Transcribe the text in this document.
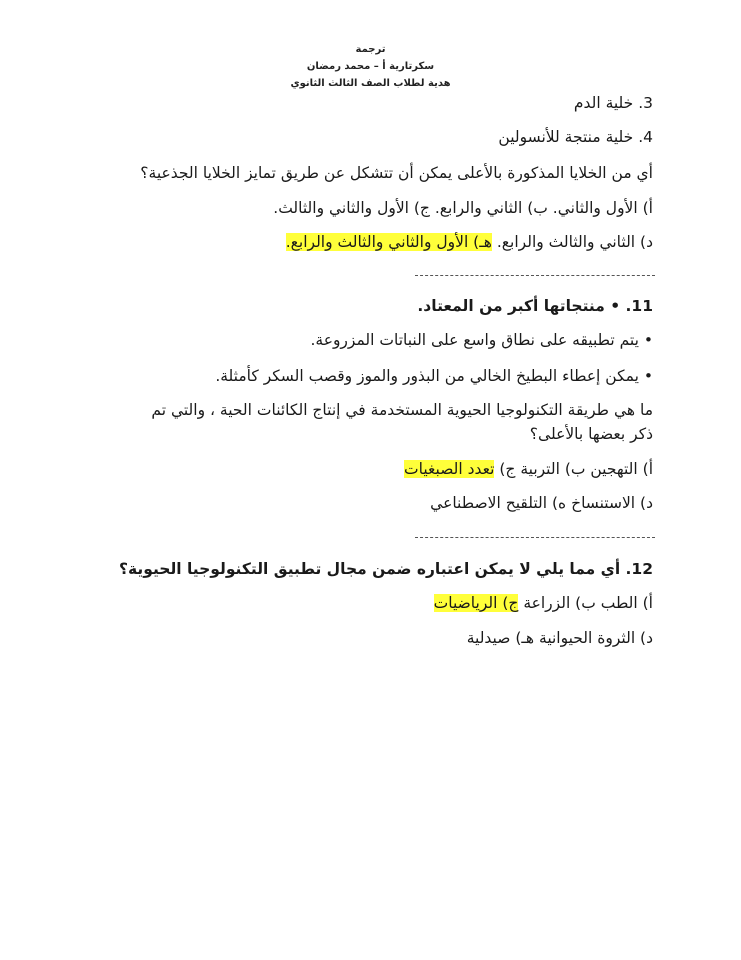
ترجمة
سكرتارية أ – محمد رمضان
هدية لطلاب الصف الثالث الثانوي
3. خلية الدم
4. خلية منتجة للأنسولين
أي من الخلايا المذكورة بالأعلى يمكن أن تتشكل عن طريق تمايز الخلايا الجذعية؟
أ) الأول والثاني. ب) الثاني والرابع. ج) الأول والثاني والثالث.
د) الثاني والثالث والرابع. هـ) الأول والثاني والثالث والرابع.
11. • منتجاتها أكبر من المعتاد.
• يتم تطبيقه على نطاق واسع على النباتات المزروعة.
• يمكن إعطاء البطيخ الخالي من البذور والموز وقصب السكر كأمثلة.
ما هي طريقة التكنولوجيا الحيوية المستخدمة في إنتاج الكائنات الحية ، والتي تم
ذكر بعضها بالأعلى؟
أ) التهجين ب) التربية ج) تعدد الصبغيات
د) الاستنساخ ه) التلقيح الاصطناعي
12. أي مما يلي لا يمكن اعتباره ضمن مجال تطبيق التكنولوجيا الحيوية؟
أ) الطب ب) الزراعة ج) الرياضيات
د) الثروة الحيوانية هـ) صيدلية
